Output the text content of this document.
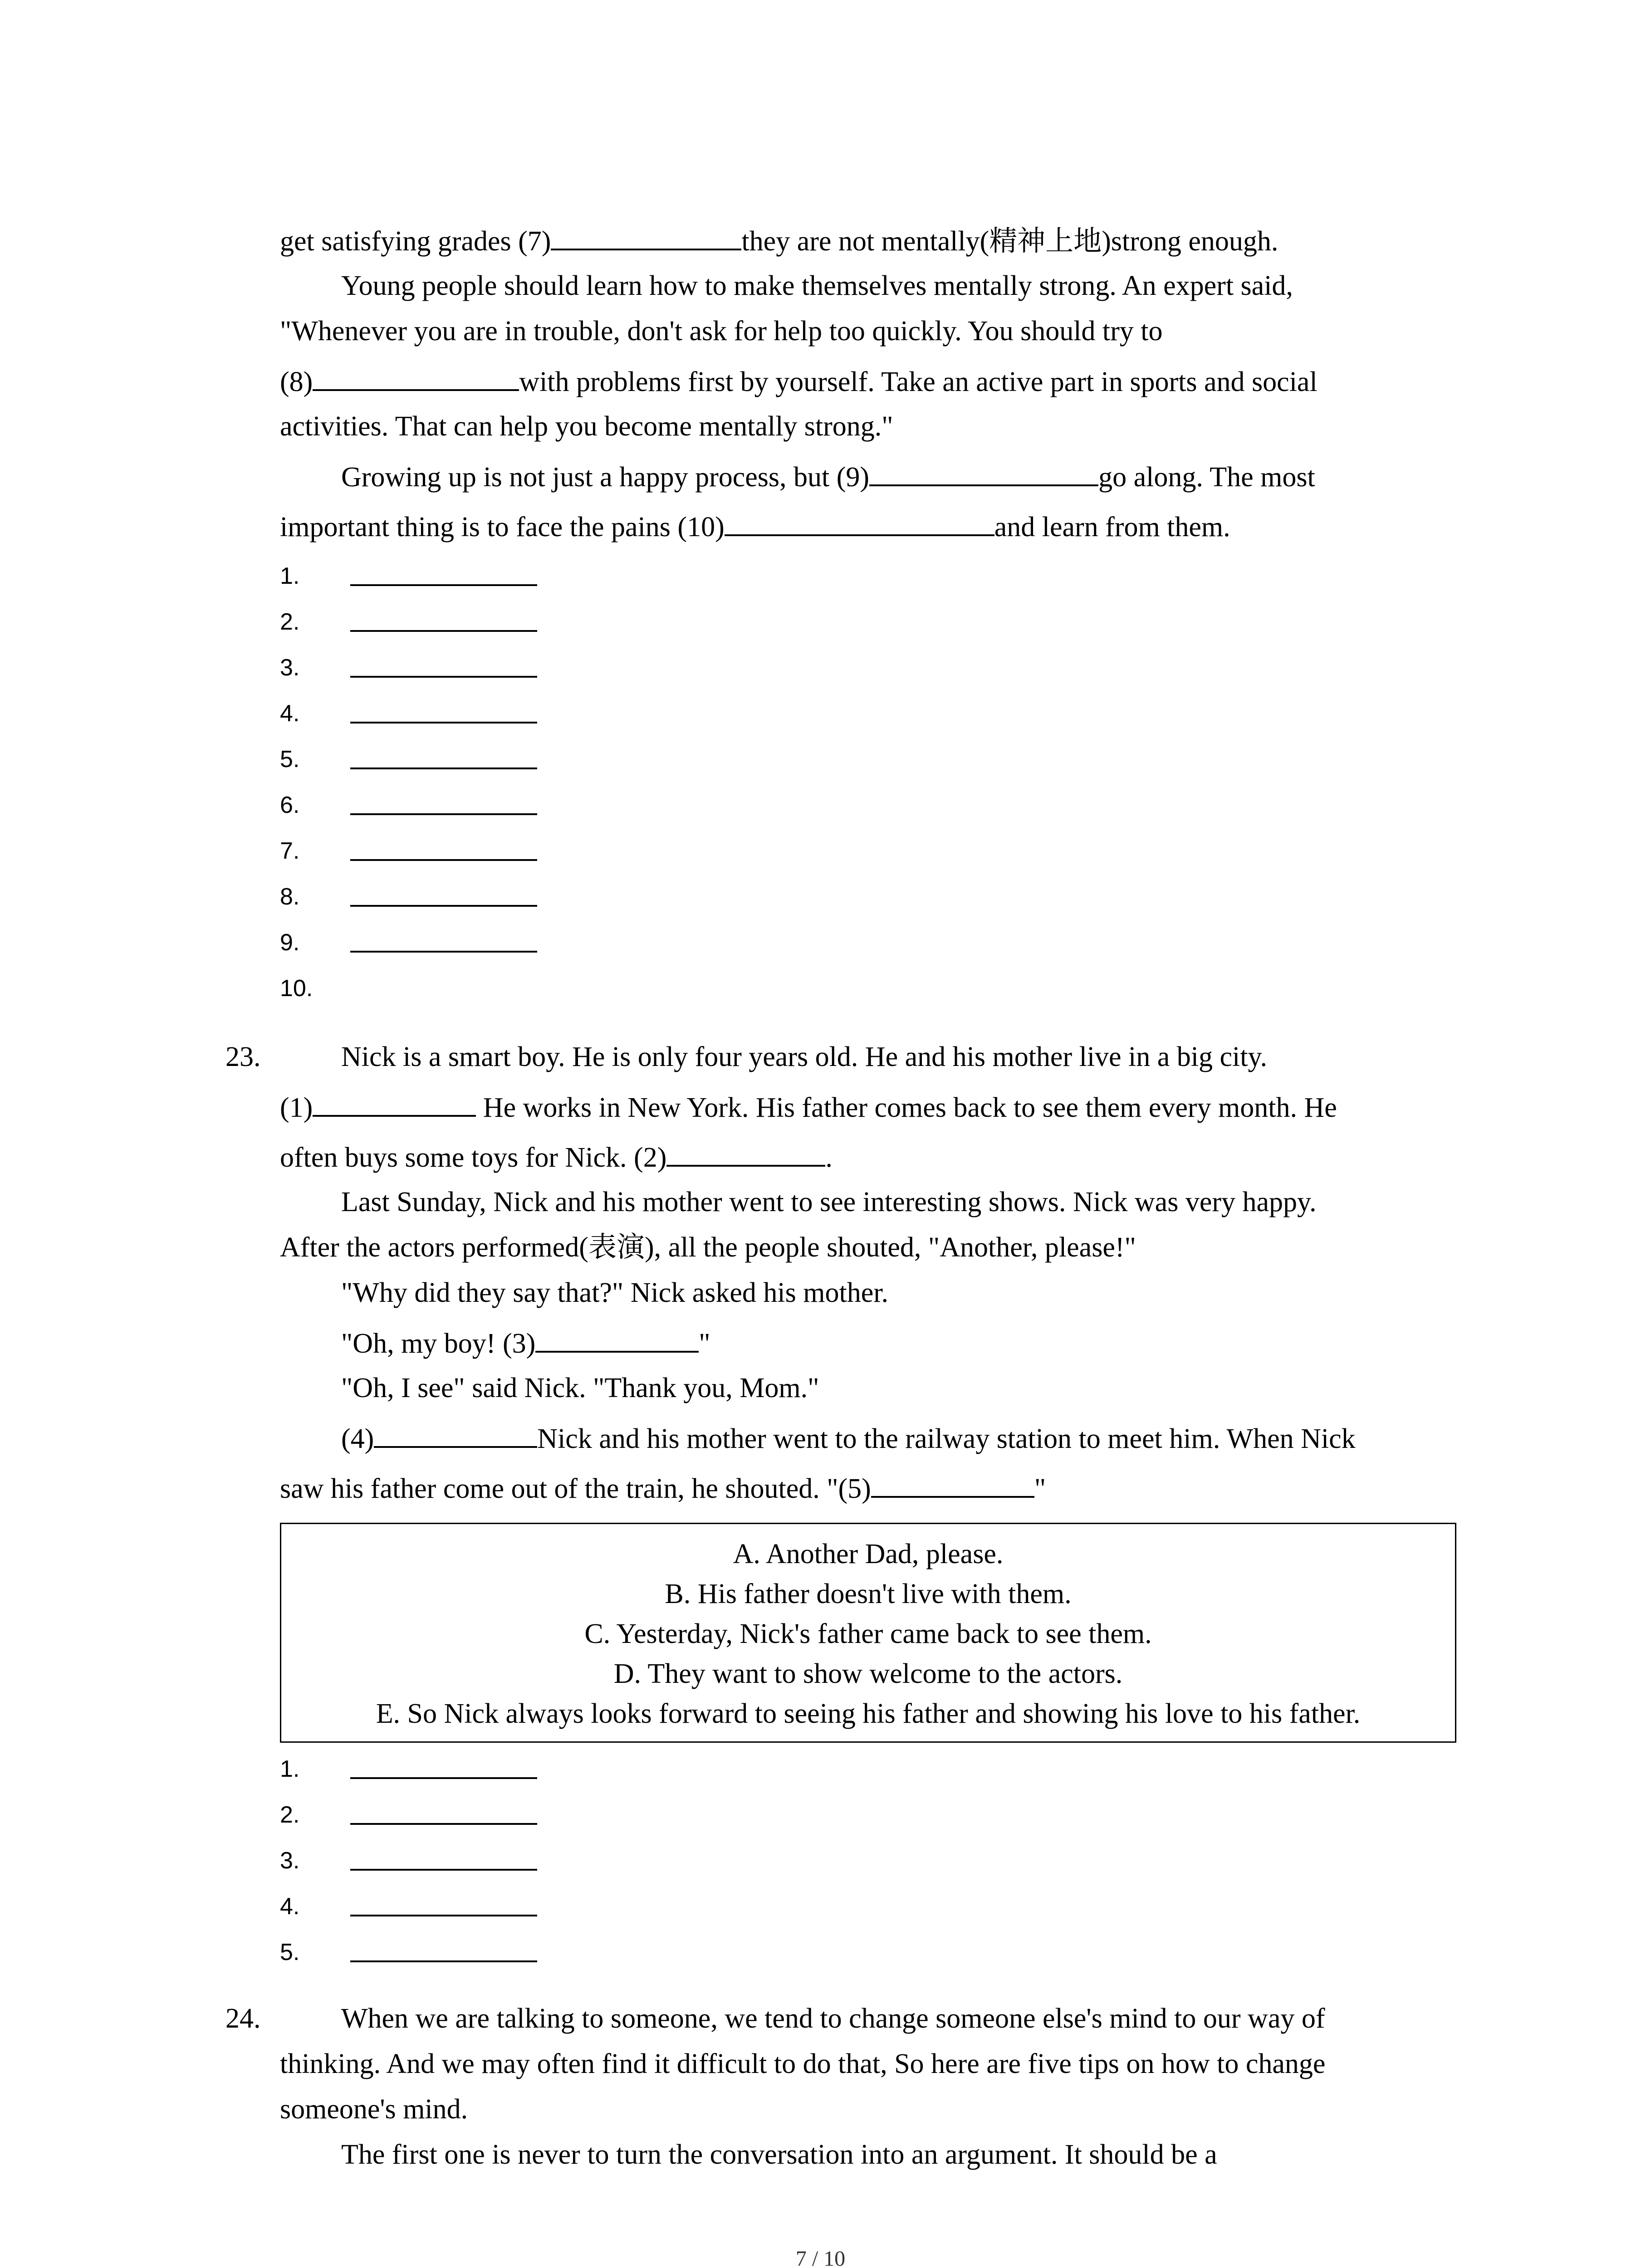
get satisfying grades (7)	they are not mentally(精神上地)strong enough.
Young people should learn how to make themselves mentally strong. An expert said,
"Whenever you are in trouble, don't ask for help too quickly. You should try to
(8)	with problems first by yourself. Take an active part in sports and social
activities. That can help you become mentally strong."
Growing up is not just a happy process, but (9)	go along. The most
important thing is to face the pains (10)	and learn from them.
1.
2.
3.
4.
5.
6.
7.
8.
9.
10.
23.	Nick is a smart boy. He is only four years old. He and his mother live in a big city.
(1)	He works in New York. His father comes back to see them every month. He
often buys some toys for Nick. (2)	.
Last Sunday, Nick and his mother went to see interesting shows. Nick was very happy.
After the actors performed(表演), all the people shouted, "Another, please!"
"Why did they say that?" Nick asked his mother.
"Oh, my boy! (3)	"
"Oh, I see" said Nick. "Thank you, Mom."
(4)	Nick and his mother went to the railway station to meet him. When Nick
saw his father come out of the train, he shouted. "(5)	"
A. Another Dad, please.
B. His father doesn't live with them.
C. Yesterday, Nick's father came back to see them.
D. They want to show welcome to the actors.
E. So Nick always looks forward to seeing his father and showing his love to his father.
1.
2.
3.
4.
5.
24.	When we are talking to someone, we tend to change someone else's mind to our way of
thinking. And we may often find it difficult to do that, So here are five tips on how to change
someone's mind.
The first one is never to turn the conversation into an argument. It should be a
7 / 10
